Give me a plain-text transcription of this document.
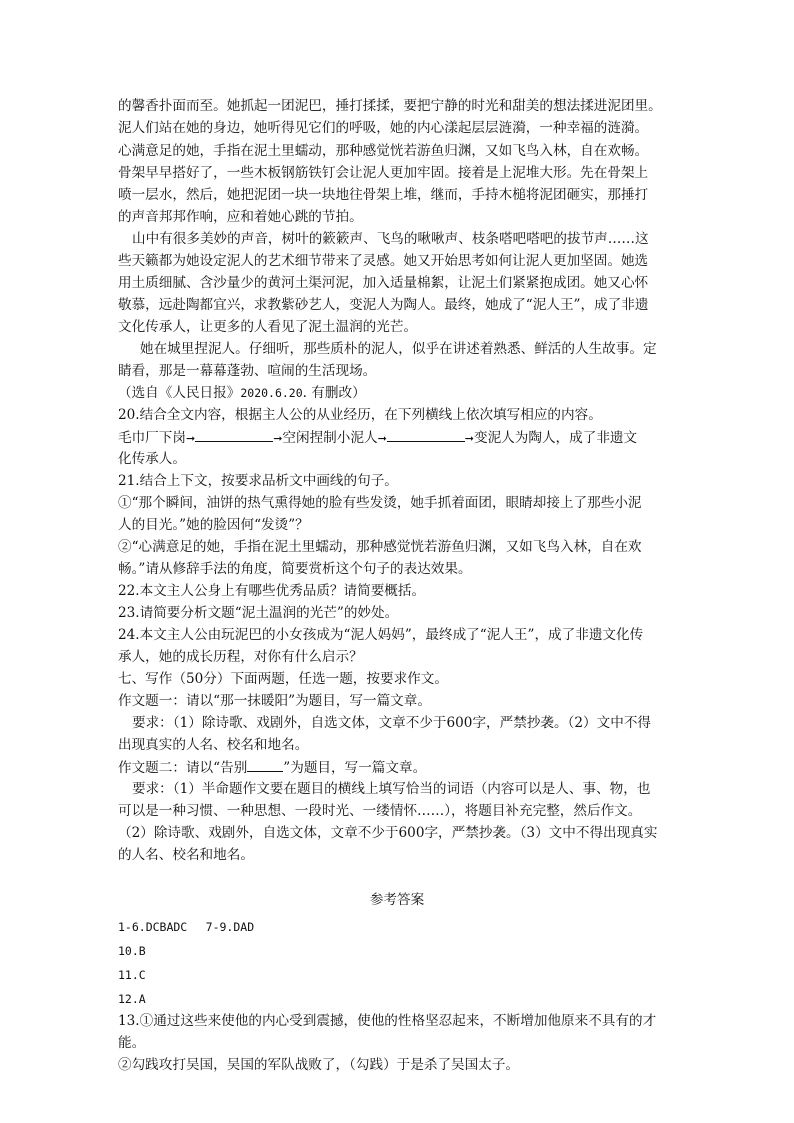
的馨香扑面而至。她抓起一团泥巴，捶打揉揉，要把宁静的时光和甜美的想法揉进泥团里。
泥人们站在她的身边，她听得见它们的呼吸，她的内心漾起层层涟漪，一种幸福的涟漪。
心满意足的她，手指在泥土里蠕动，那种感觉恍若游鱼归渊，又如飞鸟入林，自在欢畅。
骨架早早搭好了，一些木板钢筋铁钉会让泥人更加牢固。接着是上泥堆大形。先在骨架上
喷一层水，然后，她把泥团一块一块地往骨架上堆，继而，手持木槌将泥团砸实，那捶打
的声音邦邦作响，应和着她心跳的节拍。
山中有很多美妙的声音，树叶的簌簌声、飞鸟的啾啾声、枝条嗒吧嗒吧的拔节声……这
些天籁都为她设定泥人的艺术细节带来了灵感。她又开始思考如何让泥人更加坚固。她选
用土质细腻、含沙量少的黄河土渠河泥，加入适量棉絮，让泥土们紧紧抱成团。她又心怀
敬慕，远赴陶都宜兴，求教紫砂艺人，变泥人为陶人。最终，她成了“泥人王”，成了非遗
文化传承人，让更多的人看见了泥土温润的光芒。
她在城里捏泥人。仔细听，那些质朴的泥人，似乎在讲述着熟悉、鲜活的人生故事。定
睛看，那是一幕幕蓬勃、喧闹的生活现场。
（选自《人民日报》2020.6.20. 有删改）
20.结合全文内容，根据主人公的从业经历，在下列横线上依次填写相应的内容。
毛巾厂下岗➞	➞空闲捏制小泥人➞	➞变泥人为陶人，成了非遗文
化传承人。
21.结合上下文，按要求品析文中画线的句子。
①“那个瞬间，油饼的热气熏得她的脸有些发烫，她手抓着面团，眼睛却接上了那些小泥
人的目光。”她的脸因何“发烫”？
②“心满意足的她，手指在泥土里蠕动，那种感觉恍若游鱼归渊，又如飞鸟入林，自在欢
畅。”请从修辞手法的角度，简要赏析这个句子的表达效果。
22.本文主人公身上有哪些优秀品质？请简要概括。
23.请简要分析文题“泥土温润的光芒”的妙处。
24.本文主人公由玩泥巴的小女孩成为“泥人妈妈”，最终成了“泥人王”，成了非遗文化传
承人，她的成长历程，对你有什么启示？
七、写作（50分）下面两题，任选一题，按要求作文。
作文题一：请以“那一抹暖阳”为题目，写一篇文章。
要求：（1）除诗歌、戏剧外，自选文体，文章不少于600字，严禁抄袭。（2）文中不得
出现真实的人名、校名和地名。
作文题二：请以“告别	”为题目，写一篇文章。
要求：（1）半命题作文要在题目的横线上填写恰当的词语（内容可以是人、事、物，也
可以是一种习惯、一种思想、一段时光、一缕情怀……），将题目补充完整，然后作文。
（2）除诗歌、戏剧外，自选文体，文章不少于600字，严禁抄袭。（3）文中不得出现真实
的人名、校名和地名。
参考答案
1-6.DCBADC　 7-9.DAD
10.B
11.C
12.A
13.①通过这些来使他的内心受到震撼，使他的性格坚忍起来，不断增加他原来不具有的才
能。
②勾践攻打吴国，吴国的军队战败了，（勾践）于是杀了吴国太子。
